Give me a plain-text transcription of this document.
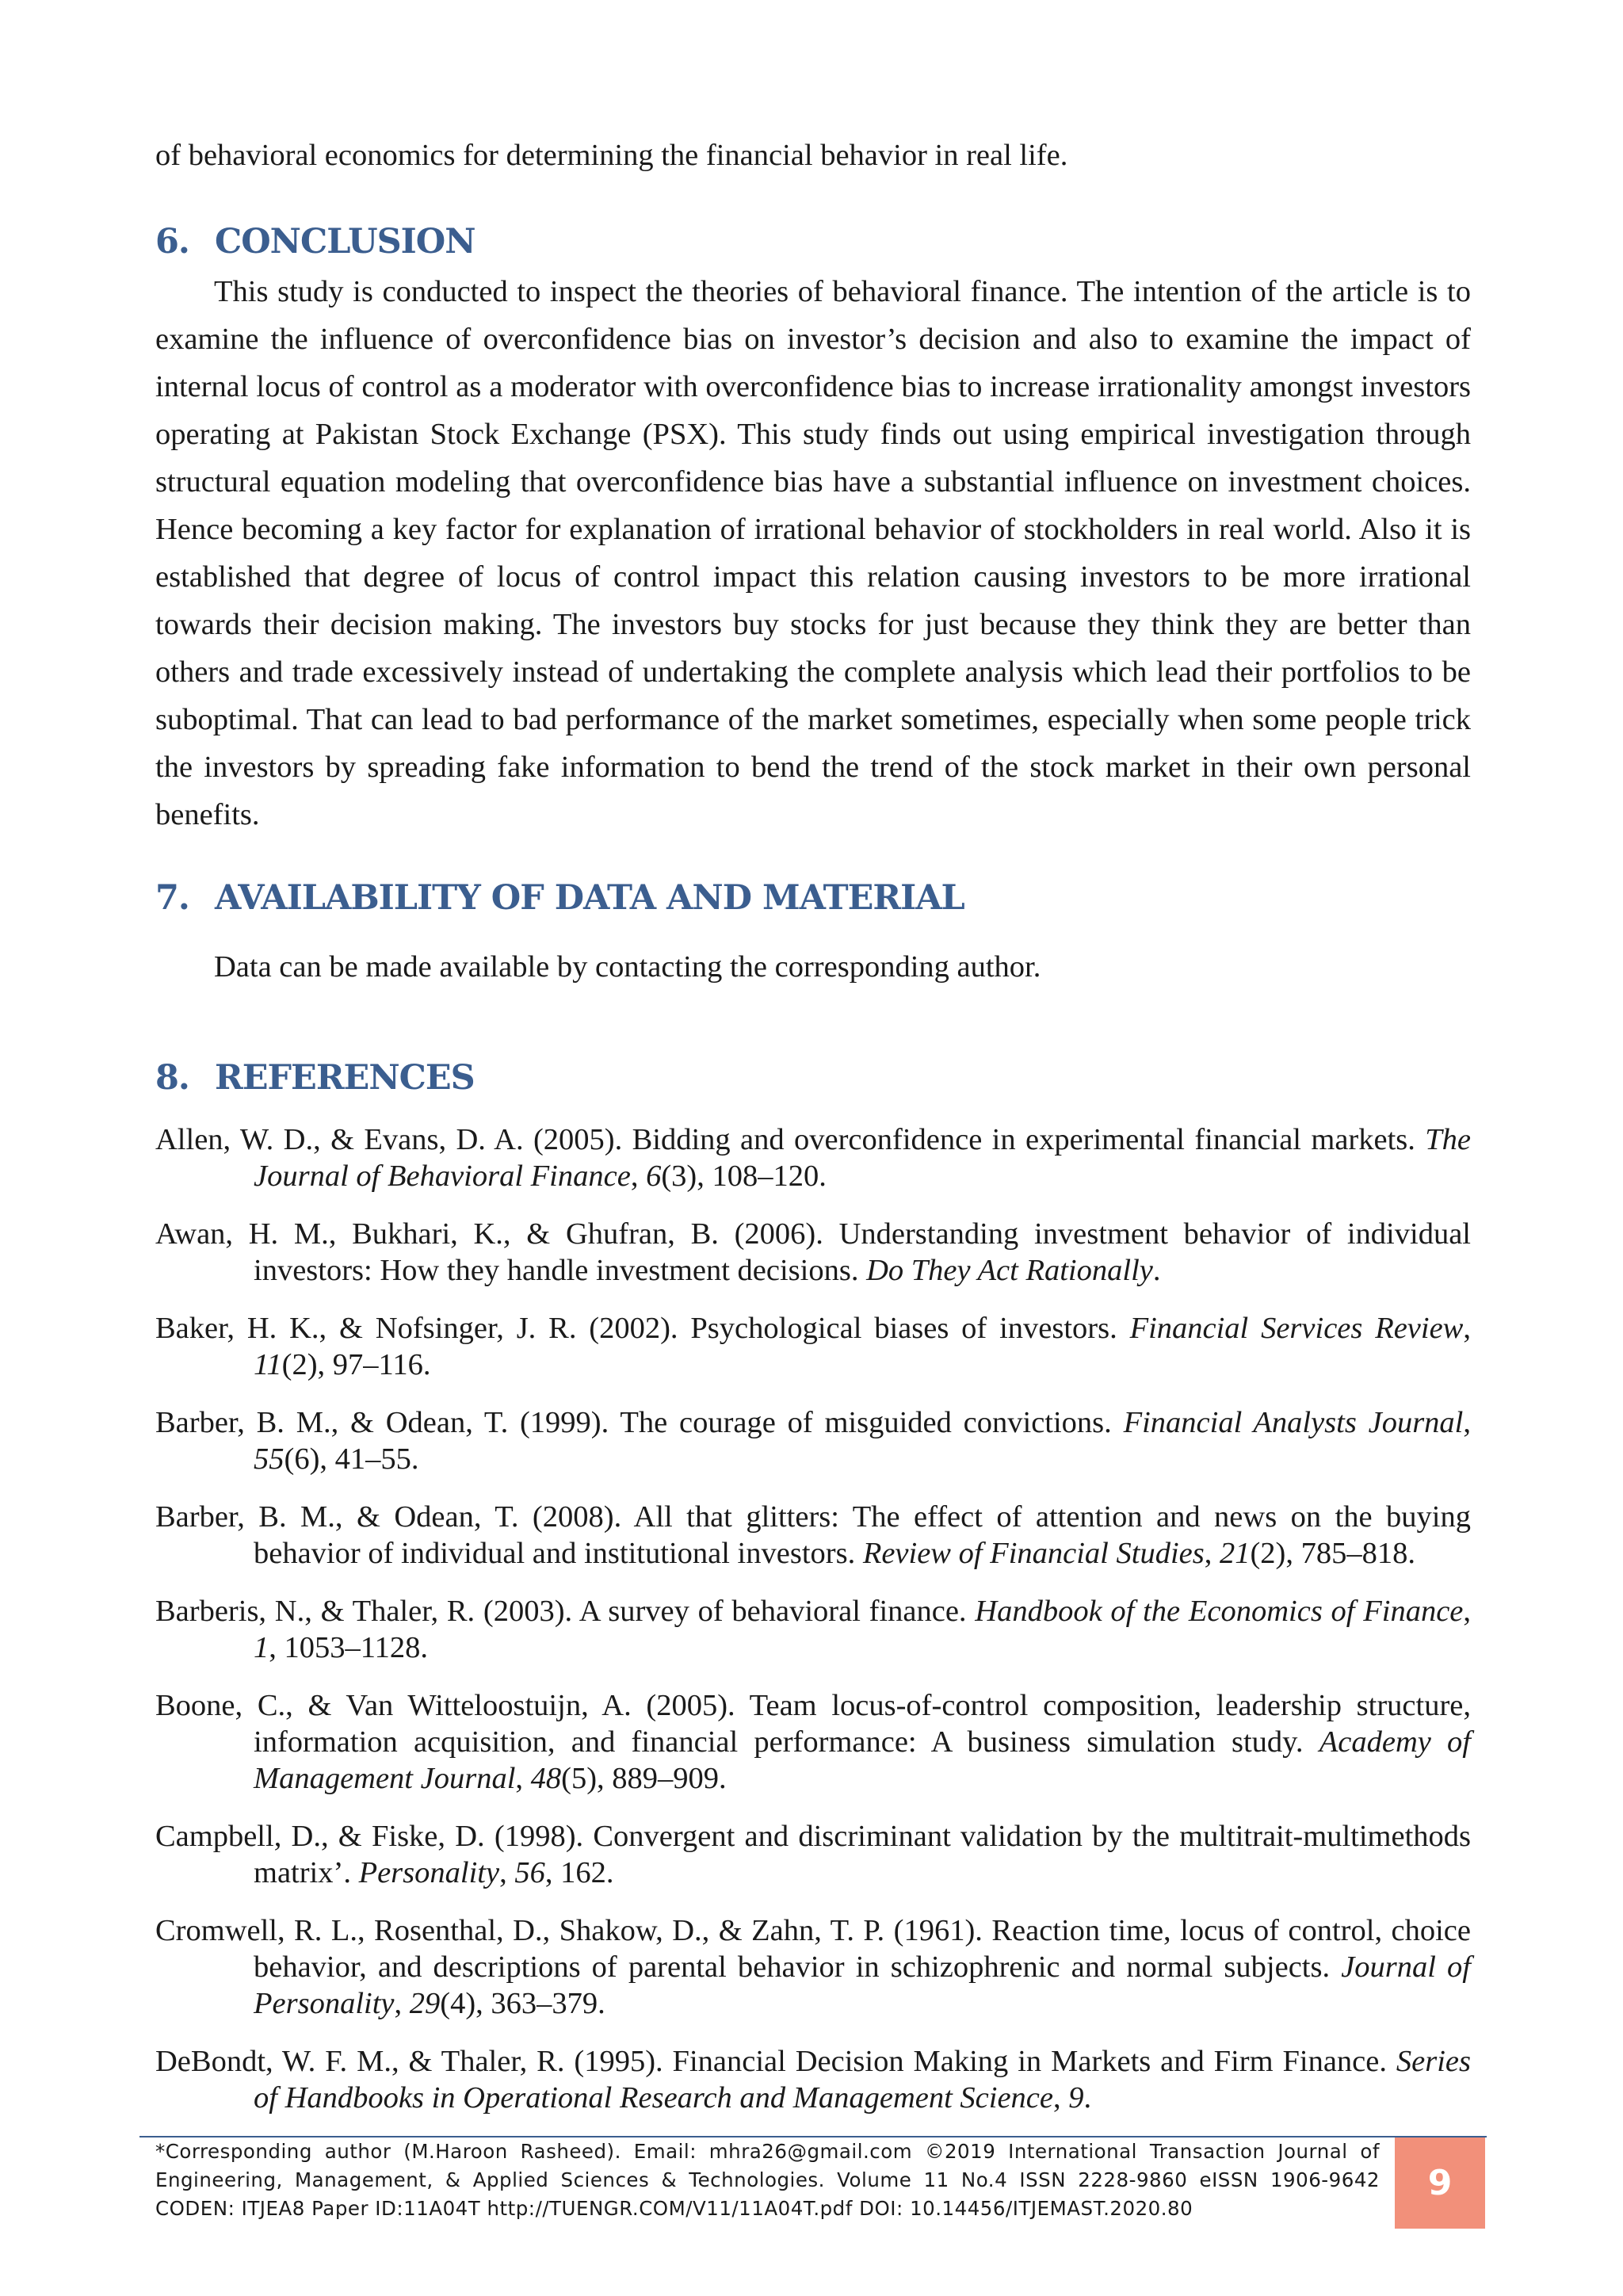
of behavioral economics for determining the financial behavior in real life.

6. CONCLUSION

This study is conducted to inspect the theories of behavioral finance. The intention of the article is to examine the influence of overconfidence bias on investor’s decision and also to examine the impact of internal locus of control as a moderator with overconfidence bias to increase irrationality amongst investors operating at Pakistan Stock Exchange (PSX). This study finds out using empirical investigation through structural equation modeling that overconfidence bias have a substantial influence on investment choices. Hence becoming a key factor for explanation of irrational behavior of stockholders in real world. Also it is established that degree of locus of control impact this relation causing investors to be more irrational towards their decision making. The investors buy stocks for just because they think they are better than others and trade excessively instead of undertaking the complete analysis which lead their portfolios to be suboptimal. That can lead to bad performance of the market sometimes, especially when some people trick the investors by spreading fake information to bend the trend of the stock market in their own personal benefits.

7. AVAILABILITY OF DATA AND MATERIAL

Data can be made available by contacting the corresponding author.

8. REFERENCES

Allen, W. D., & Evans, D. A. (2005). Bidding and overconfidence in experimental financial markets. The Journal of Behavioral Finance, 6(3), 108–120.

Awan, H. M., Bukhari, K., & Ghufran, B. (2006). Understanding investment behavior of individual investors: How they handle investment decisions. Do They Act Rationally.

Baker, H. K., & Nofsinger, J. R. (2002). Psychological biases of investors. Financial Services Review, 11(2), 97–116.

Barber, B. M., & Odean, T. (1999). The courage of misguided convictions. Financial Analysts Journal, 55(6), 41–55.

Barber, B. M., & Odean, T. (2008). All that glitters: The effect of attention and news on the buying behavior of individual and institutional investors. Review of Financial Studies, 21(2), 785–818.

Barberis, N., & Thaler, R. (2003). A survey of behavioral finance. Handbook of the Economics of Finance, 1, 1053–1128.

Boone, C., & Van Witteloostuijn, A. (2005). Team locus-of-control composition, leadership structure, information acquisition, and financial performance: A business simulation study. Academy of Management Journal, 48(5), 889–909.

Campbell, D., & Fiske, D. (1998). Convergent and discriminant validation by the multitrait-multimethods matrix’. Personality, 56, 162.

Cromwell, R. L., Rosenthal, D., Shakow, D., & Zahn, T. P. (1961). Reaction time, locus of control, choice behavior, and descriptions of parental behavior in schizophrenic and normal subjects. Journal of Personality, 29(4), 363–379.

DeBondt, W. F. M., & Thaler, R. (1995). Financial Decision Making in Markets and Firm Finance. Series of Handbooks in Operational Research and Management Science, 9.

*Corresponding author (M.Haroon Rasheed). Email: mhra26@gmail.com ©2019 International Transaction Journal of Engineering, Management, & Applied Sciences & Technologies. Volume 11 No.4 ISSN 2228-9860 eISSN 1906-9642 CODEN: ITJEA8 Paper ID:11A04T http://TUENGR.COM/V11/11A04T.pdf DOI: 10.14456/ITJEMAST.2020.80
9
